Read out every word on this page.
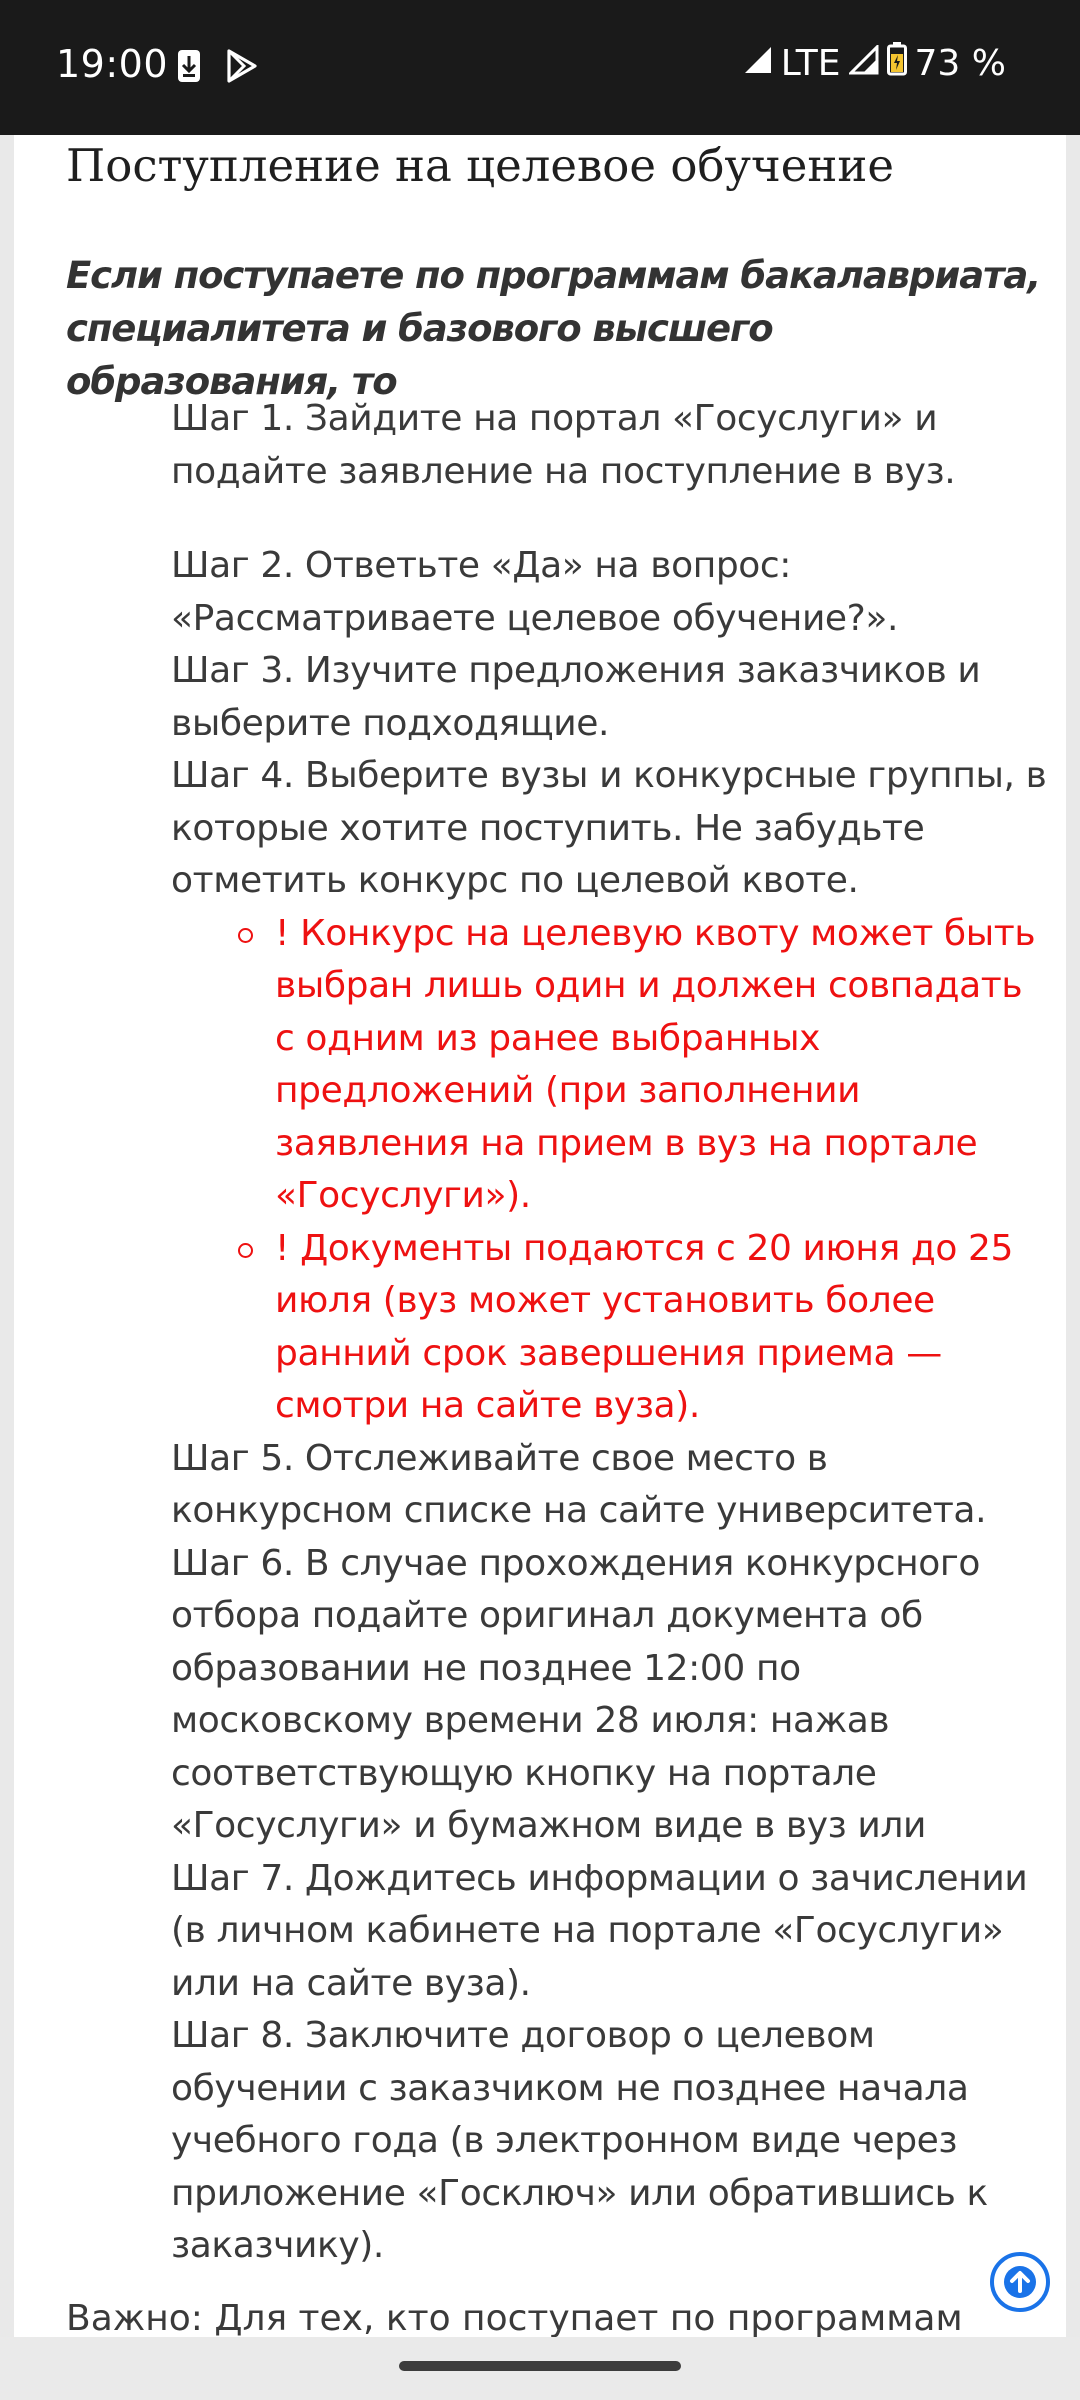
19:00	LTE 73 %
Поступление на целевое обучение

Если поступаете по программам бакалавриата, специалитета и базового высшего образования, то

Шаг 1. Зайдите на портал «Госуслуги» и подайте заявление на поступление в вуз.

Шаг 2. Ответьте «Да» на вопрос: «Рассматриваете целевое обучение?».

Шаг 3. Изучите предложения заказчиков и выберите подходящие.

Шаг 4. Выберите вузы и конкурсные группы, в которые хотите поступить. Не забудьте отметить конкурс по целевой квоте.

! Конкурс на целевую квоту может быть выбран лишь один и должен совпадать с одним из ранее выбранных предложений (при заполнении заявления на прием в вуз на портале «Госуслуги»).
! Документы подаются с 20 июня до 25 июля (вуз может установить более ранний срок завершения приема — смотри на сайте вуза).

Шаг 5. Отслеживайте свое место в конкурсном списке на сайте университета.

Шаг 6. В случае прохождения конкурсного отбора подайте оригинал документа об образовании не позднее 12:00 по московскому времени 28 июля: нажав соответствующую кнопку на портале «Госуслуги» и бумажном виде в вуз или

Шаг 7. Дождитесь информации о зачислении (в личном кабинете на портале «Госуслуги» или на сайте вуза).

Шаг 8. Заключите договор о целевом обучении с заказчиком не позднее начала учебного года (в электронном виде через приложение «Госключ» или обратившись к заказчику).

Важно: Для тех, кто поступает по программам
